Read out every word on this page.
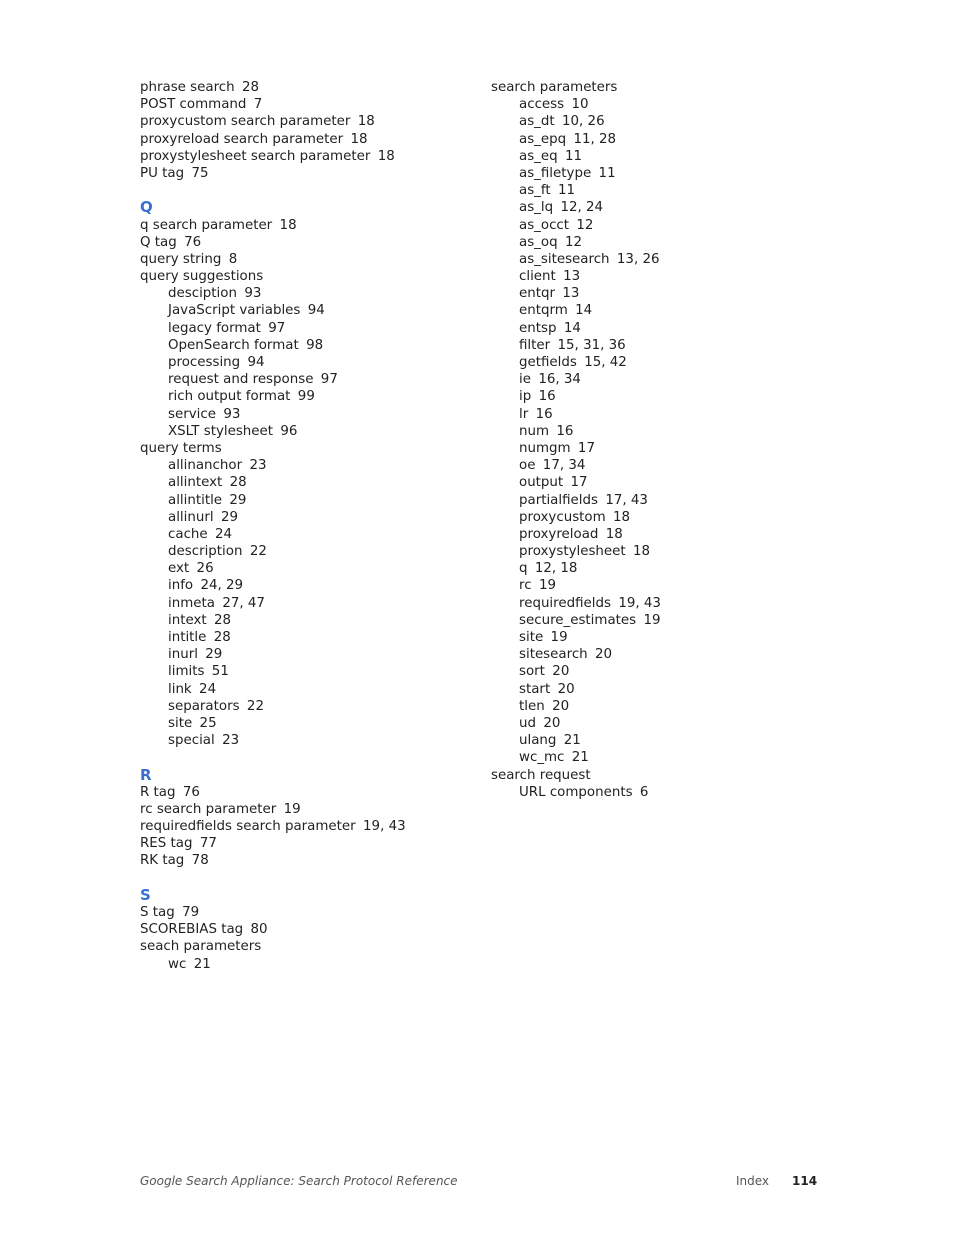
phrase search 28
POST command 7
proxycustom search parameter 18
proxyreload search parameter 18
proxystylesheet search parameter 18
PU tag 75
Q
q search parameter 18
Q tag 76
query string 8
query suggestions
desciption 93
JavaScript variables 94
legacy format 97
OpenSearch format 98
processing 94
request and response 97
rich output format 99
service 93
XSLT stylesheet 96
query terms
allinanchor 23
allintext 28
allintitle 29
allinurl 29
cache 24
description 22
ext 26
info 24, 29
inmeta 27, 47
intext 28
intitle 28
inurl 29
limits 51
link 24
separators 22
site 25
special 23
R
R tag 76
rc search parameter 19
requiredfields search parameter 19, 43
RES tag 77
RK tag 78
S
S tag 79
SCOREBIAS tag 80
seach parameters
wc 21
search parameters
access 10
as_dt 10, 26
as_epq 11, 28
as_eq 11
as_filetype 11
as_ft 11
as_lq 12, 24
as_occt 12
as_oq 12
as_sitesearch 13, 26
client 13
entqr 13
entqrm 14
entsp 14
filter 15, 31, 36
getfields 15, 42
ie 16, 34
ip 16
lr 16
num 16
numgm 17
oe 17, 34
output 17
partialfields 17, 43
proxycustom 18
proxyreload 18
proxystylesheet 18
q 12, 18
rc 19
requiredfields 19, 43
secure_estimates 19
site 19
sitesearch 20
sort 20
start 20
tlen 20
ud 20
ulang 21
wc_mc 21
search request
URL components 6
Google Search Appliance: Search Protocol Reference	Index 114
